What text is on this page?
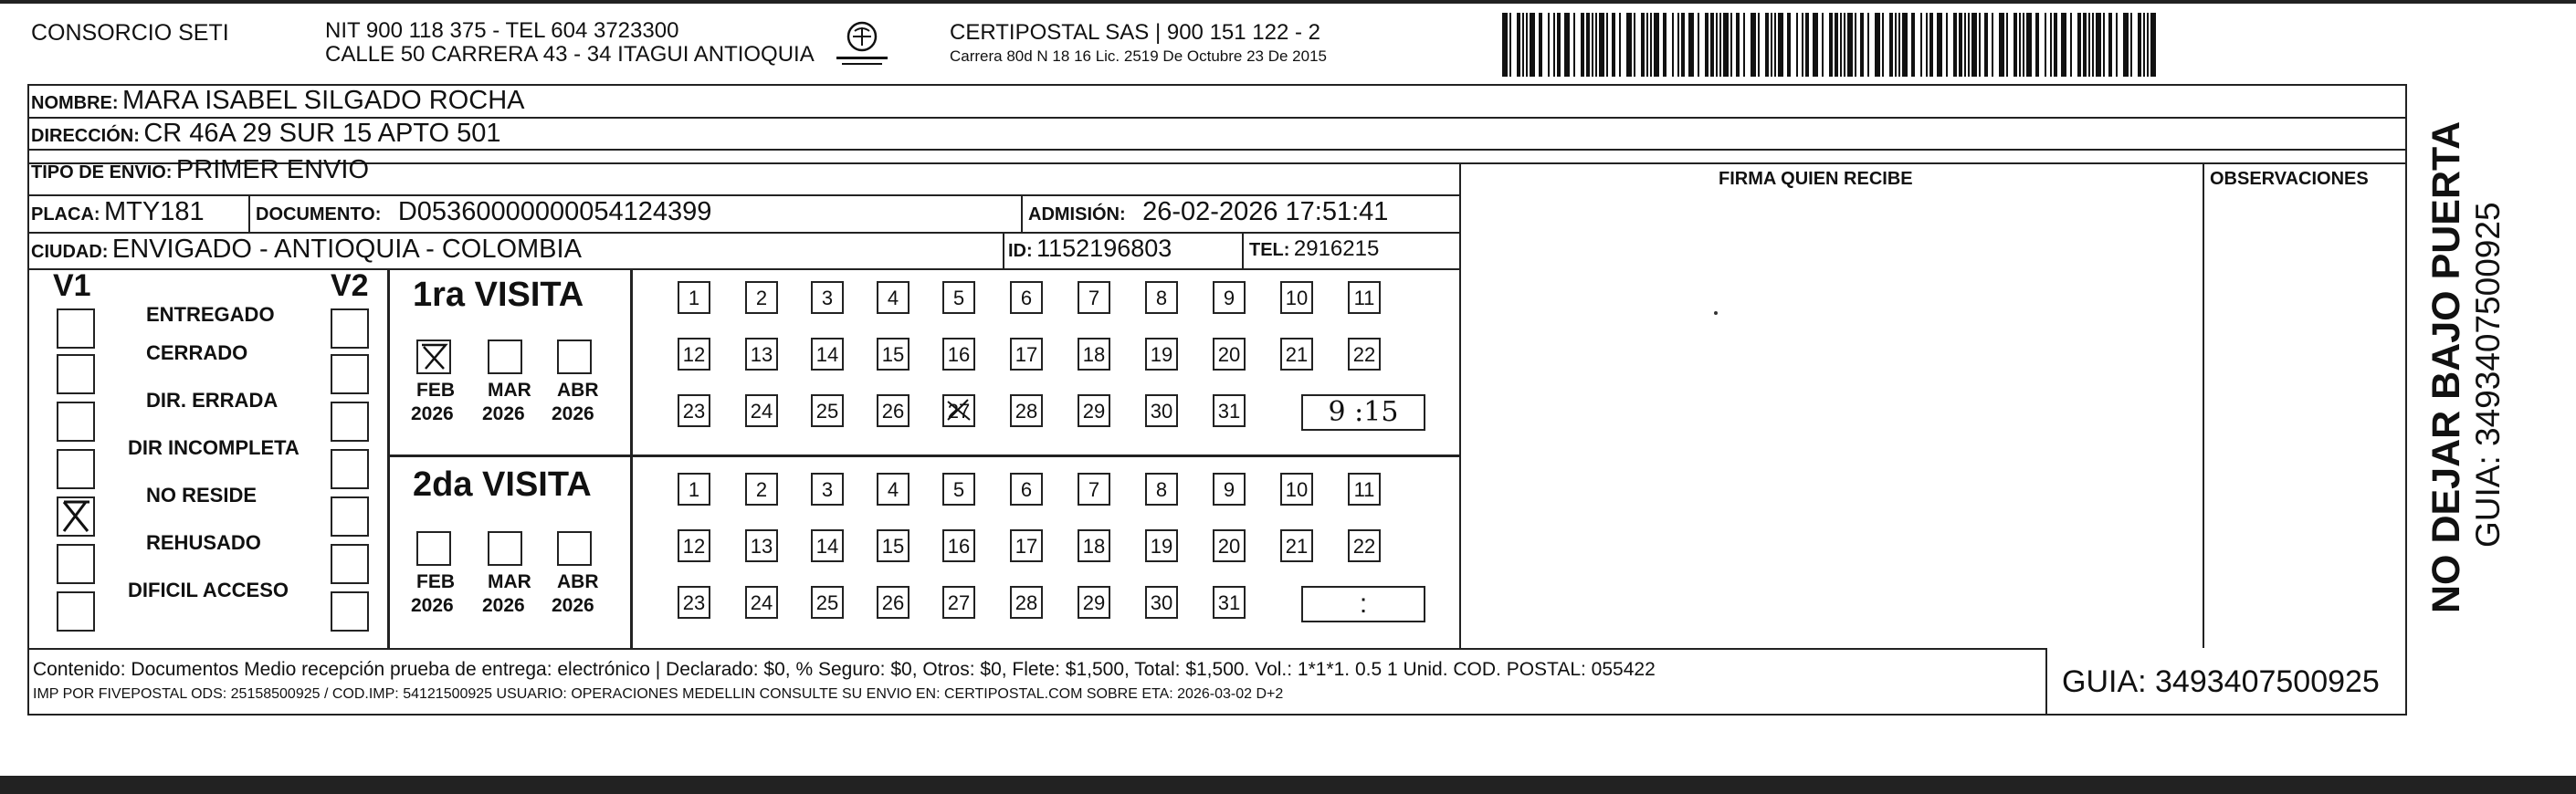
CONSORCIO SETI	NIT 900 118 375 - TEL 604 3723300
CALLE 50 CARRERA 43 - 34 ITAGUI ANTIOQUIA
CERTIPOSTAL SAS | 900 151 122 - 2
Carrera 80d N 18 16 Lic. 2519 De Octubre 23 De 2015
NOMBRE: MARA ISABEL SILGADO ROCHA
DIRECCIÓN: CR 46A 29 SUR 15 APTO 501
TIPO DE ENVIO: PRIMER ENVIO	FIRMA QUIEN RECIBE	OBSERVACIONES
PLACA: MTY181	DOCUMENTO: D05360000000054124399	ADMISIÓN: 26-02-2026 17:51:41
CIUDAD: ENVIGADO - ANTIOQUIA - COLOMBIA	ID: 1152196803	TEL: 2916215
V1	V2
ENTREGADO
CERRADO
DIR. ERRADA
DIR INCOMPLETA
NO RESIDE
REHUSADO
DIFICIL ACCESO
1ra VISITA
2da VISITA
1	2	3	4	5	6	7	8	9	10 11
12 13 14 15 16 17 18 19 20 21 22
23 24 25 26 27 28 29 30 31	9 :15
FEB
2026
MAR
2026
ABR
2026
1	2	3	4	5	6	7	8	9	10 11
12 13 14 15 16 17 18 19 20 21 22
23 24 25 26 27 28 29 30 31	:
FEB
2026
MAR
2026
ABR
2026
Contenido: Documentos Medio recepción prueba de entrega: electrónico | Declarado: $0, % Seguro: $0, Otros: $0, Flete: $1,500, Total: $1,500. Vol.: 1*1*1. 0.5 1 Unid. COD. POSTAL: 055422
IMP POR FIVEPOSTAL ODS: 25158500925 / COD.IMP: 54121500925 USUARIO: OPERACIONES MEDELLIN CONSULTE SU ENVIO EN: CERTIPOSTAL.COM SOBRE ETA: 2026-03-02 D+2	GUIA: 3493407500925
NO DEJAR BAJO PUERTA GUIA: 3493407500925
